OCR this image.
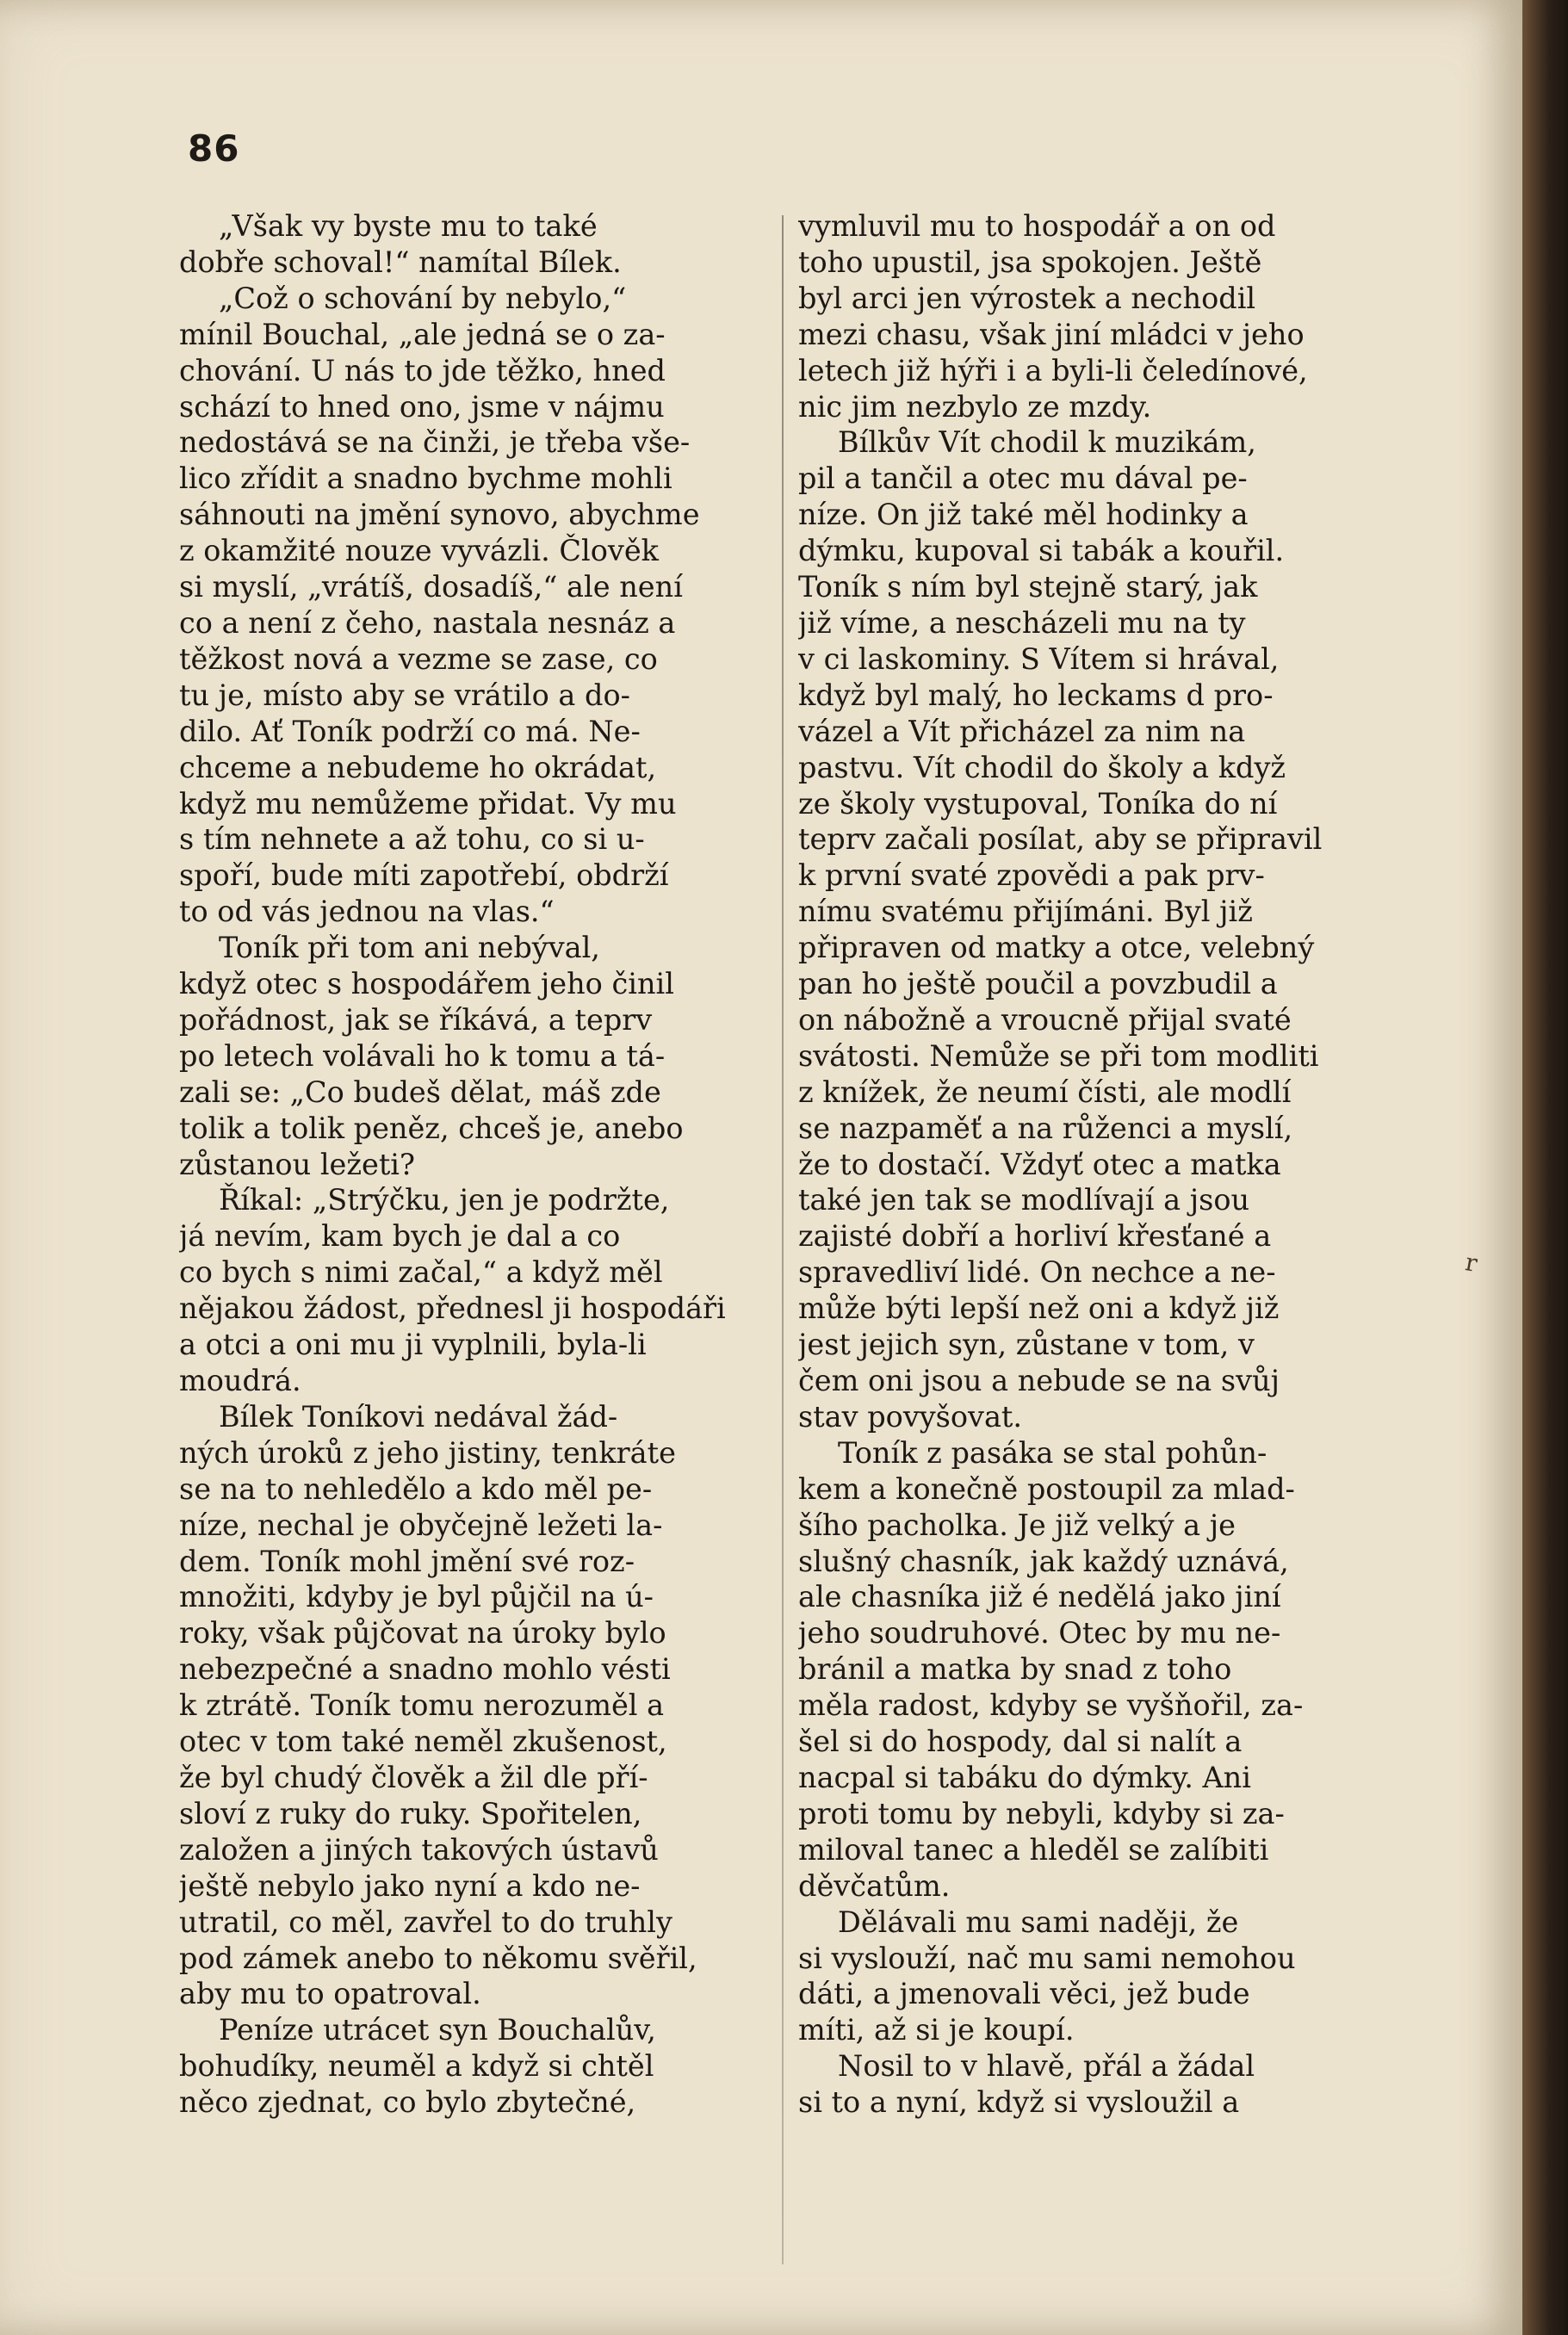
86
„Však vy byste mu to také
dobře schoval!“ namítal Bílek.
„Což o schování by nebylo,“
mínil Bouchal, „ale jedná se o za-
chování. U nás to jde těžko, hned
schází to hned ono, jsme v nájmu
nedostává se na činži, je třeba vše-
lico zřídit a snadno bychme mohli
sáhnouti na jmění synovo, abychme
z okamžité nouze vyvázli. Člověk
si myslí, „vrátíš, dosadíš,“ ale není
co a není z čeho, nastala nesnáz a
těžkost nová a vezme se zase, co
tu je, místo aby se vrátilo a do-
dilo. Ať Toník podrží co má. Ne-
chceme a nebudeme ho okrádat,
když mu nemůžeme přidat. Vy mu
s tím nehnete a až tohu, co si u-
spoří, bude míti zapotřebí, obdrží
to od vás jednou na vlas.“
Toník při tom ani nebýval,
když otec s hospodářem jeho činil
pořádnost, jak se říkává, a teprv
po letech volávali ho k tomu a tá-
zali se: „Co budeš dělat, máš zde
tolik a tolik peněz, chceš je, anebo
zůstanou ležeti?
Říkal: „Strýčku, jen je podržte,
já nevím, kam bych je dal a co
co bych s nimi začal,“ a když měl
nějakou žádost, přednesl ji hospodáři
a otci a oni mu ji vyplnili, byla-li
moudrá.
Bílek Toníkovi nedával žád-
ných úroků z jeho jistiny, tenkráte
se na to nehledělo a kdo měl pe-
níze, nechal je obyčejně ležeti la-
dem. Toník mohl jmění své roz-
množiti, kdyby je byl půjčil na ú-
roky, však půjčovat na úroky bylo
nebezpečné a snadno mohlo vésti
k ztrátě. Toník tomu nerozuměl a
otec v tom také neměl zkušenost,
že byl chudý člověk a žil dle pří-
sloví z ruky do ruky. Spořitelen,
založen a jiných takových ústavů
ještě nebylo jako nyní a kdo ne-
utratil, co měl, zavřel to do truhly
pod zámek anebo to někomu svěřil,
aby mu to opatroval.
Peníze utrácet syn Bouchalův,
bohudíky, neuměl a když si chtěl
něco zjednat, co bylo zbytečné,
vymluvil mu to hospodář a on od
toho upustil, jsa spokojen. Ještě
byl arci jen výrostek a nechodil
mezi chasu, však jiní mládci v jeho
letech již hýři i a byli-li čeledínové,
nic jim nezbylo ze mzdy.
Bílkův Vít chodil k muzikám,
pil a tančil a otec mu dával pe-
níze. On již také měl hodinky a
dýmku, kupoval si tabák a kouřil.
Toník s ním byl stejně starý, jak
již víme, a nescházeli mu na ty
v ci laskominy. S Vítem si hrával,
když byl malý, ho leckams d pro-
vázel a Vít přicházel za nim na
pastvu. Vít chodil do školy a když
ze školy vystupoval, Toníka do ní
teprv začali posílat, aby se připravil
k první svaté zpovědi a pak prv-
nímu svatému přijímáni. Byl již
připraven od matky a otce, velebný
pan ho ještě poučil a povzbudil a
on nábožně a vroucně přijal svaté
svátosti. Nemůže se při tom modliti
z knížek, že neumí čísti, ale modlí
se nazpaměť a na růženci a myslí,
že to dostačí. Vždyť otec a matka
také jen tak se modlívají a jsou
zajisté dobří a horliví křesťané a
spravedliví lidé. On nechce a ne-
může býti lepší než oni a když již
jest jejich syn, zůstane v tom, v
čem oni jsou a nebude se na svůj
stav povyšovat.
Toník z pasáka se stal pohůn-
kem a konečně postoupil za mlad-
šího pacholka. Je již velký a je
slušný chasník, jak každý uznává,
ale chasníka již é nedělá jako jiní
jeho soudruhové. Otec by mu ne-
bránil a matka by snad z toho
měla radost, kdyby se vyšňořil, za-
šel si do hospody, dal si nalít a
nacpal si tabáku do dýmky. Ani
proti tomu by nebyli, kdyby si za-
miloval tanec a hleděl se zalíbiti
děvčatům.
Dělávali mu sami naději, že
si vyslouží, nač mu sami nemohou
dáti, a jmenovali věci, jež bude
míti, až si je koupí.
Nosil to v hlavě, přál a žádal
si to a nyní, když si vysloužil a
r
